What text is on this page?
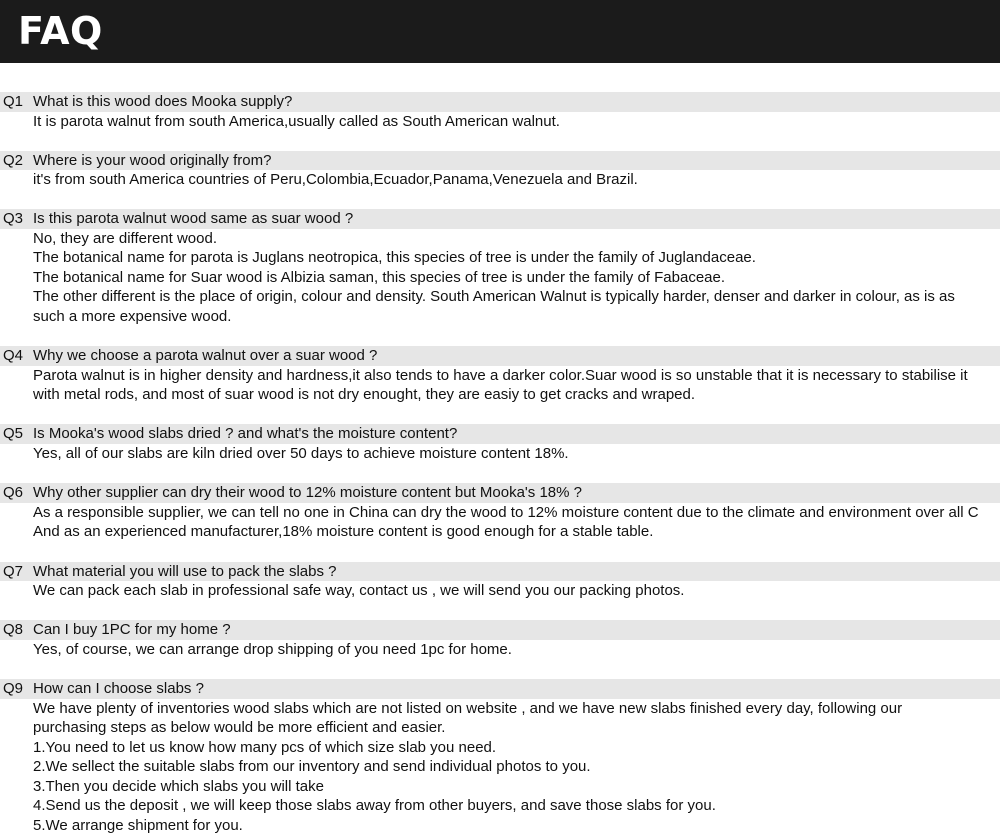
FAQ
Q1 What is this wood does Mooka supply?
It is parota walnut from south America,usually called as South American walnut.
Q2 Where is your wood originally from?
it's from south America countries of Peru,Colombia,Ecuador,Panama,Venezuela and Brazil.
Q3 Is this parota walnut wood same as suar wood ?
No, they are different wood.
The botanical name for parota is Juglans neotropica, this species of tree is under the family of Juglandaceae.
The botanical name for Suar wood is Albizia saman, this species of tree is under the family of Fabaceae.
The other different is the place of origin, colour and density. South American Walnut is typically harder, denser and darker in colour, as is as
such a more expensive wood.
Q4 Why we choose a parota walnut over a suar wood ?
Parota walnut is in higher density and hardness,it also tends to have a darker color.Suar wood is so unstable that it is necessary to stabilise it
with metal rods, and most of suar wood is not dry enought, they are easiy to get cracks and wraped.
Q5 Is Mooka's wood slabs dried ? and what's the moisture content?
Yes, all of our slabs are kiln dried over 50 days to achieve moisture content 18%.
Q6 Why other supplier can dry their wood to 12% moisture content but Mooka's 18% ?
As a responsible supplier, we can tell no one in China can dry the wood to 12% moisture content due to the climate and environment over all C
And as an experienced manufacturer,18% moisture content is good enough for a stable table.
Q7 What material you will use to pack the slabs ?
We can pack each slab in professional safe way, contact us , we will send you our packing photos.
Q8 Can I buy 1PC for my home ?
Yes, of course, we can arrange drop shipping of you need 1pc for home.
Q9 How can I choose slabs ?
We have plenty of inventories wood slabs which are not listed on website , and we have new slabs finished every day, following our
purchasing steps as below would be more efficient and easier.
1.You need to let us know how many pcs of which size slab you need.
2.We sellect the suitable slabs from our inventory and send individual photos to you.
3.Then you decide which slabs you will take
4.Send us the deposit , we will keep those slabs away from other buyers, and save those slabs for you.
5.We arrange shipment for you.
